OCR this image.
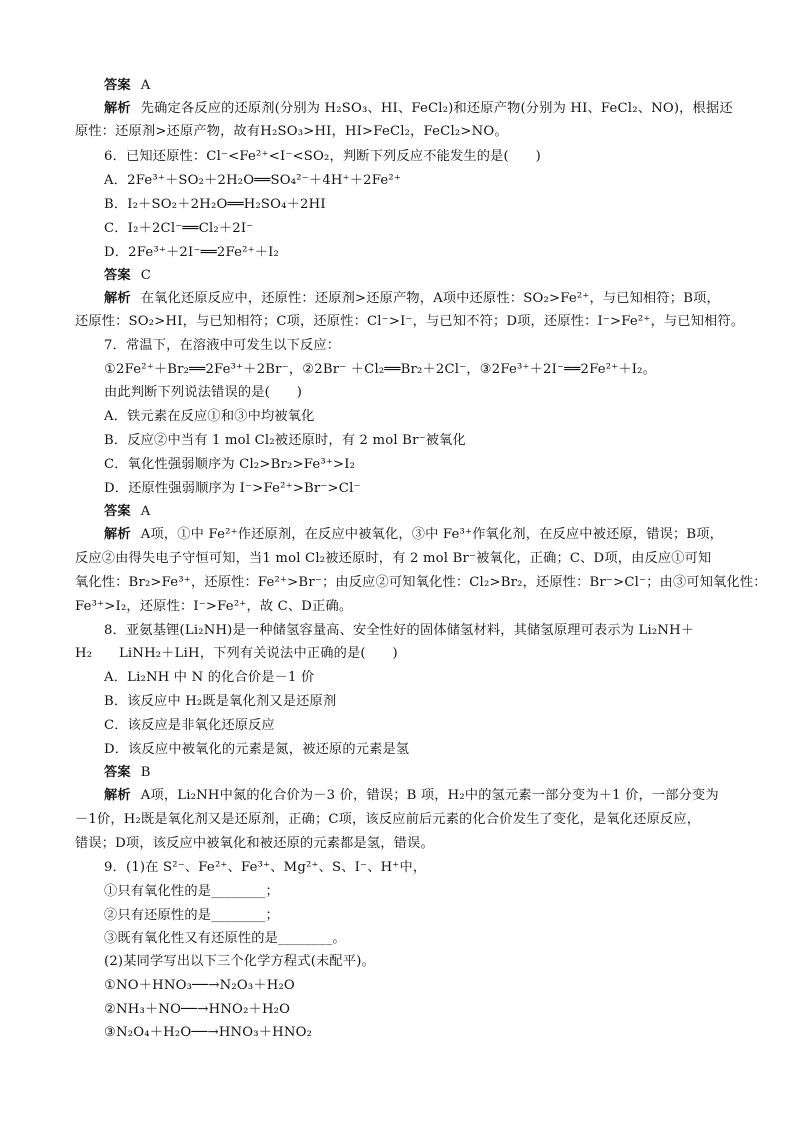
答案 A

解析 先确定各反应的还原剂(分别为 H₂SO₃、HI、FeCl₂)和还原产物(分别为 HI、FeCl₂、NO)，根据还

原性：还原剂>还原产物，故有H₂SO₃>HI，HI>FeCl₂，FeCl₂>NO。

6．已知还原性：Cl⁻<Fe²⁺<I⁻<SO₂，判断下列反应不能发生的是(　　)

A．2Fe³⁺＋SO₂＋2H₂O══SO₄²⁻＋4H⁺＋2Fe²⁺

B．I₂＋SO₂＋2H₂O══H₂SO₄＋2HI

C．I₂＋2Cl⁻══Cl₂＋2I⁻

D．2Fe³⁺＋2I⁻══2Fe²⁺＋I₂

答案 C

解析 在氧化还原反应中，还原性：还原剂>还原产物，A项中还原性：SO₂>Fe²⁺，与已知相符；B项，

还原性：SO₂>HI，与已知相符；C项，还原性：Cl⁻>I⁻，与已知不符；D项，还原性：I⁻>Fe²⁺，与已知相符。

7．常温下，在溶液中可发生以下反应：

①2Fe²⁺＋Br₂══2Fe³⁺＋2Br⁻，②2Br⁻ ＋Cl₂══Br₂＋2Cl⁻，③2Fe³⁺＋2I⁻══2Fe²⁺＋I₂。

由此判断下列说法错误的是(　　)

A．铁元素在反应①和③中均被氧化

B．反应②中当有 1 mol Cl₂被还原时，有 2 mol Br⁻被氧化

C．氧化性强弱顺序为 Cl₂>Br₂>Fe³⁺>I₂

D．还原性强弱顺序为 I⁻>Fe²⁺>Br⁻>Cl⁻

答案 A

解析 A项，①中 Fe²⁺作还原剂，在反应中被氧化，③中 Fe³⁺作氧化剂，在反应中被还原，错误；B项，

反应②由得失电子守恒可知，当1 mol Cl₂被还原时，有 2 mol Br⁻被氧化，正确；C、D项，由反应①可知

氧化性：Br₂>Fe³⁺，还原性：Fe²⁺>Br⁻；由反应②可知氧化性：Cl₂>Br₂，还原性：Br⁻>Cl⁻；由③可知氧化性：

Fe³⁺>I₂，还原性：I⁻>Fe²⁺，故 C、D正确。

8．亚氨基锂(Li₂NH)是一种储氢容量高、安全性好的固体储氢材料，其储氢原理可表示为 Li₂NH＋

H₂　　LiNH₂＋LiH，下列有关说法中正确的是(　　)

A．Li₂NH 中 N 的化合价是－1 价

B．该反应中 H₂既是氧化剂又是还原剂

C．该反应是非氧化还原反应

D．该反应中被氧化的元素是氮，被还原的元素是氢

答案 B

解析 A项，Li₂NH中氮的化合价为－3 价，错误；B 项，H₂中的氢元素一部分变为＋1 价，一部分变为

－1价，H₂既是氧化剂又是还原剂，正确；C项，该反应前后元素的化合价发生了变化，是氧化还原反应，

错误；D项，该反应中被氧化和被还原的元素都是氢，错误。

9．(1)在 S²⁻、Fe²⁺、Fe³⁺、Mg²⁺、S、I⁻、H⁺中，

①只有氧化性的是________；

②只有还原性的是________；

③既有氧化性又有还原性的是________。

(2)某同学写出以下三个化学方程式(未配平)。

①NO＋HNO₃──→N₂O₃＋H₂O

②NH₃＋NO──→HNO₂＋H₂O

③N₂O₄＋H₂O──→HNO₃＋HNO₂
